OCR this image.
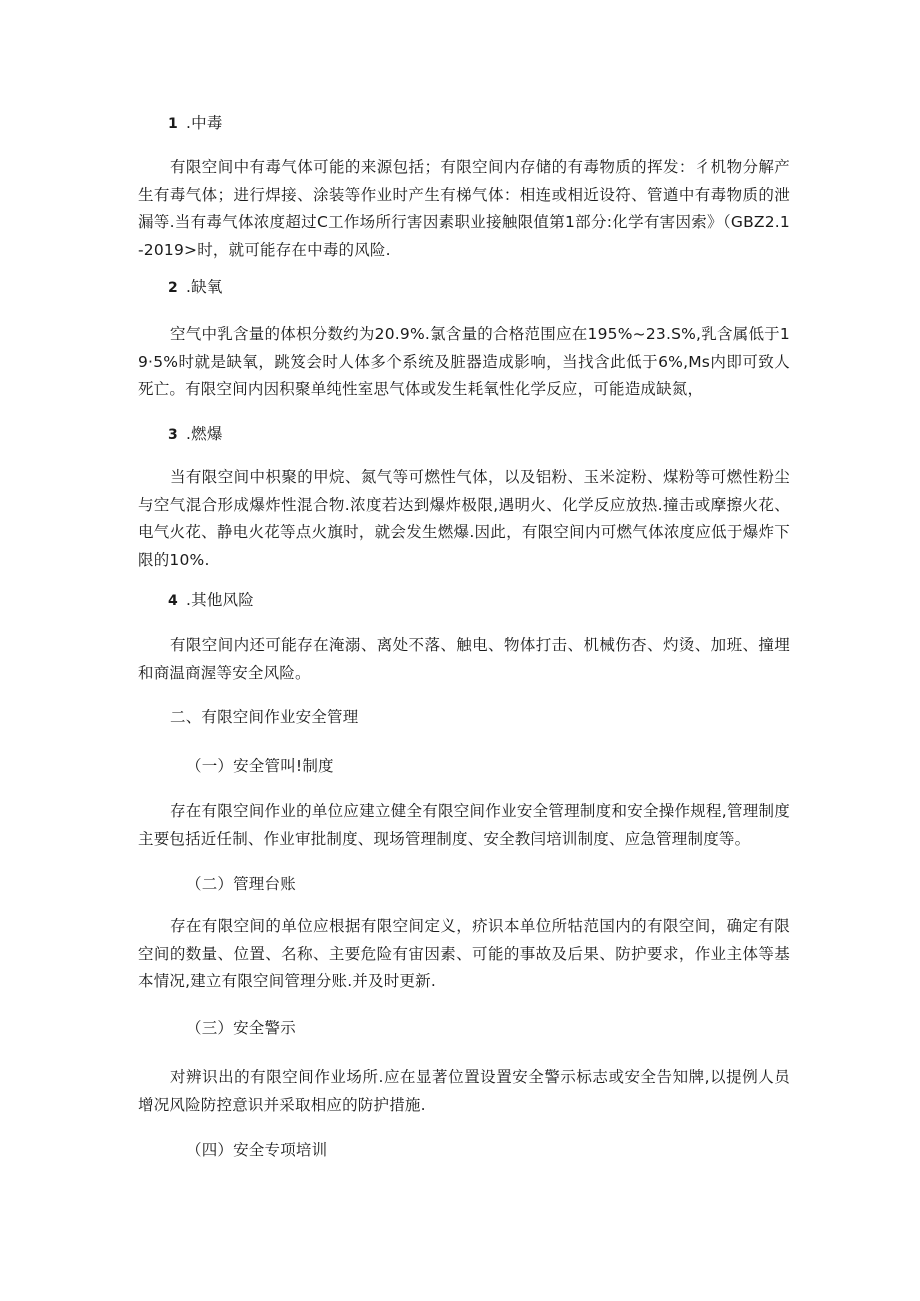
1 .中毒

有限空间中有毒气体可能的来源包括；有限空间内存储的有毒物质的挥发：彳机物分解产生有毒气体；进行焊接、涂装等作业时产生有梯气体：相连或相近设符、管遒中有毒物质的泄漏等.当有毒气体浓度超过C工作场所行害因素职业接触限值第1部分:化学有害因索》（GBZ2.1-2019>时，就可能存在中毒的风险.

2 .缺氧

空气中乳含量的体枳分数约为20.9%.氯含量的合格范围应在195%~23.S%,乳含属低于19·5%时就是缺氧，跳笈会时人体多个系统及脏器造成影响，当找含此低于6%,Ms内即可致人死亡。有限空间内因积聚单纯性室思气体或发生耗氧性化学反应，可能造成缺氮，

3 .燃爆

当有限空间中枳聚的甲烷、氮气等可燃性气体，以及铝粉、玉米淀粉、煤粉等可燃性粉尘与空气混合形成爆炸性混合物.浓度若达到爆炸极限,遇明火、化学反应放热.撞击或摩擦火花、电气火花、静电火花等点火旗时，就会发生燃爆.因此，有限空间内可燃气体浓度应低于爆炸下限的10%.

4 .其他风险

有限空间内还可能存在淹溺、离处不落、触电、物体打击、机械伤杏、灼烫、加班、撞埋和商温商渥等安全风险。

二、有限空间作业安全管理

（一）安全管叫!制度

存在有限空间作业的单位应建立健全有限空间作业安全管理制度和安全操作规程,管理制度主要包括近任制、作业审批制度、现场管理制度、安全教闫培训制度、应急管理制度等。

（二）管理台账

存在有限空间的单位应根据有限空间定义，疥识本单位所牯范国内的有限空间，确定有限空间的数量、位置、名称、主要危险有宙因素、可能的事故及后果、防护要求，作业主体等基本情况,建立有限空间管理分账.并及时更新.

（三）安全警示

对辨识出的有限空间作业场所.应在显著位置设置安全警示标志或安全告知牌,以提例人员增况风险防控意识并采取相应的防护措施.

（四）安全专项培训
